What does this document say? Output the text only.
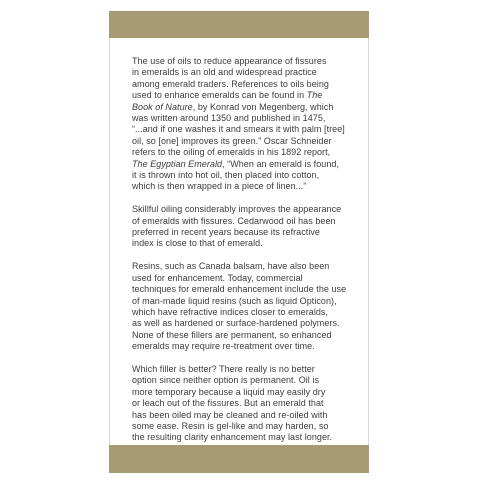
The use of oils to reduce appearance of fissures
in emeralds is an old and widespread practice
among emerald traders. References to oils being
used to enhance emeralds can be found in The
Book of Nature, by Konrad von Megenberg, which
was written around 1350 and published in 1475,
“...and if one washes it and smears it with palm [tree]
oil, so [one] improves its green.” Oscar Schneider
refers to the oiling of emeralds in his 1892 report,
The Egyptian Emerald, “When an emerald is found,
it is thrown into hot oil, then placed into cotton,
which is then wrapped in a piece of linen...”

Skillful oiling considerably improves the appearance
of emeralds with fissures. Cedarwood oil has been
preferred in recent years because its refractive
index is close to that of emerald.

Resins, such as Canada balsam, have also been
used for enhancement. Today, commercial
techniques for emerald enhancement include the use
of man-made liquid resins (such as liquid Opticon),
which have refractive indices closer to emeralds,
as well as hardened or surface-hardened polymers.
None of these fillers are permanent, so enhanced
emeralds may require re-treatment over time.

Which filler is better? There really is no better
option since neither option is permanent. Oil is
more temporary because a liquid may easily dry
or leach out of the fissures. But an emerald that
has been oiled may be cleaned and re-oiled with
some ease. Resin is gel-like and may harden, so
the resulting clarity enhancement may last longer.
